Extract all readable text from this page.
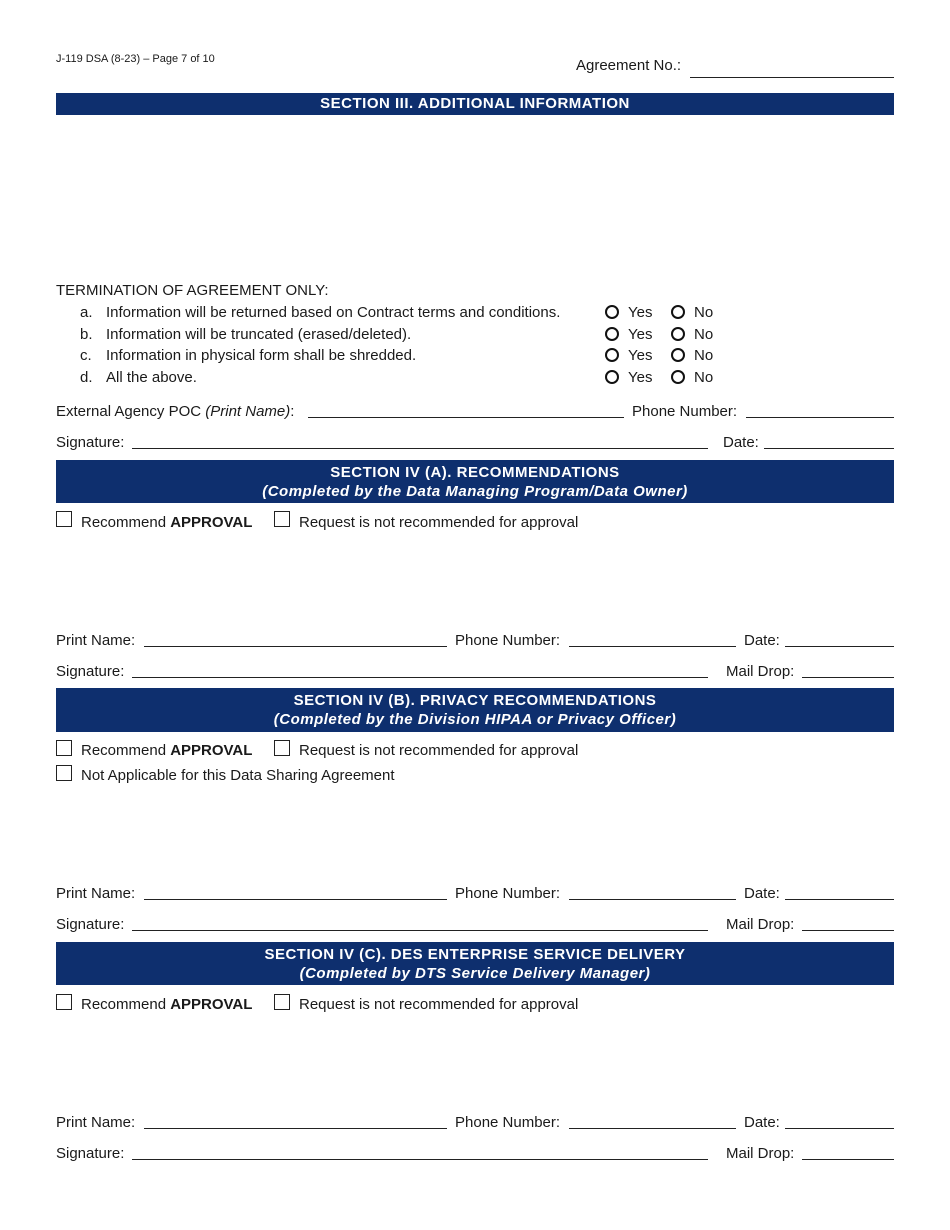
J-119 DSA (8-23) – Page 7 of 10	Agreement No.:
SECTION III. ADDITIONAL INFORMATION
TERMINATION OF AGREEMENT ONLY:
a. Information will be returned based on Contract terms and conditions.	Yes	No
b. Information will be truncated (erased/deleted).	Yes	No
c. Information in physical form shall be shredded.	Yes	No
d. All the above.	Yes	No
External Agency POC (Print Name):	Phone Number:
Signature:	Date:
SECTION IV (A). RECOMMENDATIONS
(Completed by the Data Managing Program/Data Owner)
Recommend APPROVAL	Request is not recommended for approval
Print Name:	Phone Number:	Date:
Signature:	Mail Drop:
SECTION IV (B). PRIVACY RECOMMENDATIONS
(Completed by the Division HIPAA or Privacy Officer)
Recommend APPROVAL	Request is not recommended for approval
Not Applicable for this Data Sharing Agreement
Print Name:	Phone Number:	Date:
Signature:	Mail Drop:
SECTION IV (C). DES ENTERPRISE SERVICE DELIVERY
(Completed by DTS Service Delivery Manager)
Recommend APPROVAL	Request is not recommended for approval
Print Name:	Phone Number:	Date:
Signature:	Mail Drop:
